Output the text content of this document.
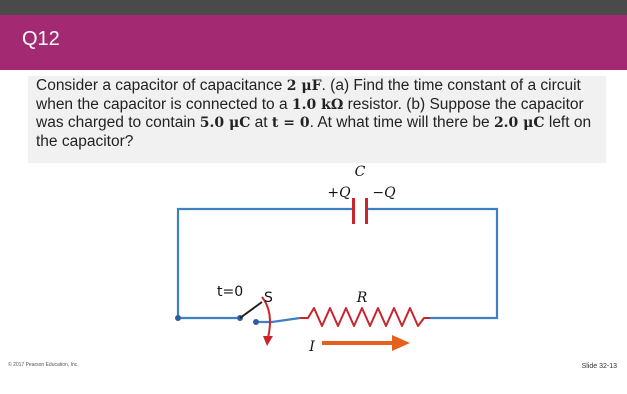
Q12
Consider a capacitor of capacitance 2 μF. (a) Find the time constant of a circuit when the capacitor is connected to a 1.0 kΩ resistor. (b) Suppose the capacitor was charged to contain 5.0 μC at t = 0. At what time will there be 2.0 μC left on the capacitor?
C
+Q −Q
t=0 S	R
I
© 2017 Pearson Education, Inc.	Slide 32-13
